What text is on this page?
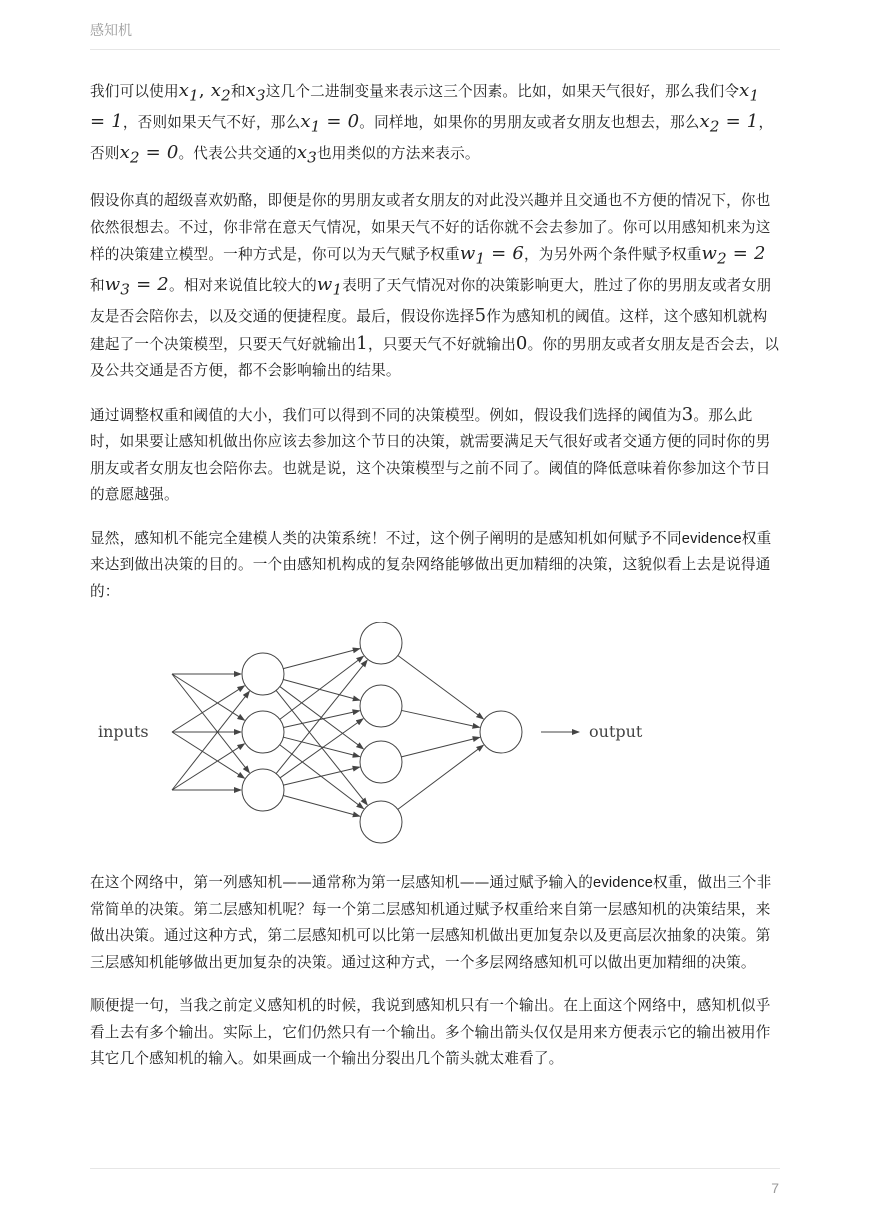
感知机

我们可以使用$x_1$, $x_2$和$x_3$这几个二进制变量来表示这三个因素。比如，如果天气很好，那么我们令$x_1 = 1$，否则如果天气不好，那么$x_1 = 0$。同样地，如果你的男朋友或者女朋友也想去，那么$x_2 = 1$，否则$x_2 = 0$。代表公共交通的$x_3$也用类似的方法来表示。

假设你真的超级喜欢奶酪，即便是你的男朋友或者女朋友的对此没兴趣并且交通也不方便的情况下，你也依然很想去。不过，你非常在意天气情况，如果天气不好的话你就不会去参加了。你可以用感知机来为这样的决策建立模型。一种方式是，你可以为天气赋予权重$w_1 = 6$，为另外两个条件赋予权重$w_2 = 2$和$w_3 = 2$。相对来说值比较大的$w_1$表明了天气情况对你的决策影响更大，胜过了你的男朋友或者女朋友是否会陪你去，以及交通的便捷程度。最后，假设你选择5作为感知机的阈值。这样，这个感知机就构建起了一个决策模型，只要天气好就输出1，只要天气不好就输出0。你的男朋友或者女朋友是否会去，以及公共交通是否方便，都不会影响输出的结果。

通过调整权重和阈值的大小，我们可以得到不同的决策模型。例如，假设我们选择的阈值为3。那么此时，如果要让感知机做出你应该去参加这个节日的决策，就需要满足天气很好或者交通方便的同时你的男朋友或者女朋友也会陪你去。也就是说，这个决策模型与之前不同了。阈值的降低意味着你参加这个节日的意愿越强。

显然，感知机不能完全建模人类的决策系统！不过，这个例子阐明的是感知机如何赋予不同evidence权重来达到做出决策的目的。一个由感知机构成的复杂网络能够做出更加精细的决策，这貌似看上去是说得通的：

inputs	output

在这个网络中，第一列感知机——通常称为第一层感知机——通过赋予输入的evidence权重，做出三个非常简单的决策。第二层感知机呢？每一个第二层感知机通过赋予权重给来自第一层感知机的决策结果，来做出决策。通过这种方式，第二层感知机可以比第一层感知机做出更加复杂以及更高层次抽象的决策。第三层感知机能够做出更加复杂的决策。通过这种方式，一个多层网络感知机可以做出更加精细的决策。

顺便提一句，当我之前定义感知机的时候，我说到感知机只有一个输出。在上面这个网络中，感知机似乎看上去有多个输出。实际上，它们仍然只有一个输出。多个输出箭头仅仅是用来方便表示它的输出被用作其它几个感知机的输入。如果画成一个输出分裂出几个箭头就太难看了。

7
